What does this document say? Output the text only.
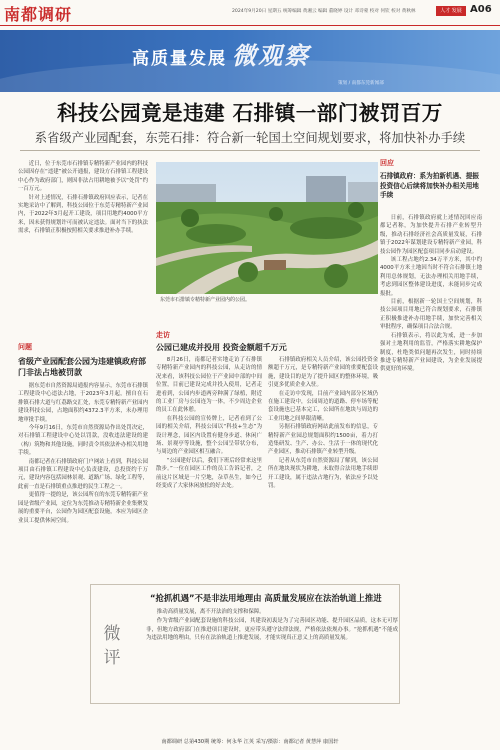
南都调研	2024年9月20日 星期五 统筹编辑 黄湘云 编辑 董晓婷 设计 邓诗蒙 校对 何钦 校对 黄秋林	人才 发展 A06
高质量发展 微观察
策划 / 南都东莞新闻部
科技公园竟是违建 石排镇一部门被罚百万
系省级产业园配套，东莞石排：符合新一轮国土空间规划要求，将加快补办手续

近日，位于东莞市石排镇专精特新产业园内的科技公园因存在“违建”被公开通报，建设方石排镇工程建设中心作为政府部门，则因非法占用耕地被予以“处罚”约一百万元。

针对上述情况，石排石排镇政府回应表示，记者在实地采访中了解到，科技公园位于东莞专精特新产业园内，于2022年3月起开工建设，项目用地约4000平方米，因未获得规划许可而被认定违法。面对当下的执法需求，石排镇正积极按照相关要求推进补办手续。

问题
省级产业园配套公园为违建镇政府部门非法占地被罚款

据东莞市自然资源局通报内容显示，东莞市石排镇工程建设中心违法占地，于2023年3月起，擅自在石排镇石排大道与红荔路交汇处，东莞专精特新产业园内建设科技公园，占地面积约4372.3平方米，未办理用地审批手续。

今年9月16日，东莞市自然资源局作出处罚决定，对石排镇工程建设中心处以罚款，没收违法建设的建（构）筑物和其他设施，同时责令其依法补办相关用地手续。

南都记者在石排镇政府门户网站上看到，科技公园项目由石排镇工程建设中心负责建设，总投资约千万元，建设内容包括园林景观、道路广场、绿化工程等，此前一直是石排镇重点推进的民生工程之一。

更值得一提的是，该公园所在的东莞专精特新产业园是省级产业园，定位为东莞推动专精特新企业集聚发展的重要平台，公园作为园区配套设施，本应为园区企业员工提供休闲空间。

东莞市石排镇专精特新产业园内的公园。
走访
公园已建成并投用 投资金额超千万元

8月26日，南都记者实地走访了石排镇专精特新产业园内的科技公园，从走访的情况来看，该科技公园位于产业园中部的中间位置，目前已建设完成并投入使用，记者走进看到，公园内步道两旁种满了绿植，附近的工业厂房与公园连为一体，不少周边企业的员工在此休憩。

在科技公园的宣传牌上，记者看到了公园的相关介绍，科技公园以“科技+生态”为设计理念，园区内设置有健身步道、休闲广场、景观亭等设施，整个公园呈带状分布，与周边的产业园区相互融合。

“公园建好以后，我们下班后经常来这里散步。”一位在园区工作的员工告诉记者，之前这片区域是一片空地，杂草丛生，如今已经变成了大家休闲放松的好去处。

石排镇政府相关人员介绍，该公园投资金额超千万元，是专精特新产业园的重要配套设施，建设目的是为了提升园区的整体环境，吸引更多优质企业入驻。

在走访中发现，目前产业园内部分区域仍在施工建设中，公园周边的道路、停车场等配套设施也已基本完工，公园所在地块与周边的工业用地之间界限清晰。

另据石排镇政府网站此前发布的信息，专精特新产业园总规划面积约1500亩，着力打造集研发、生产、办公、生活于一体的现代化产业园区，推动石排镇产业转型升级。

记者从东莞市自然资源局了解到，该公园所在地块现状为耕地，未取得合法用地手续即开工建设，属于违法占地行为，依法应予以处罚。

回应
石排镇政府：系为拍新机遇、提振投资信心后续将加快补办相关用地手续

日前，石排镇政府就上述情况回应南都记者称，为加快提升石排产业转型升级，推动石排经济社会高质量发展，石排镇于2022年谋划建设专精特新产业园，科技公园作为园区配套项目同步启动建设。

该工程占地约2.34万平方米，其中约4000平方米土地因当时不符合石排镇土地利用总体规划，无法办理相关用地手续，考虑到园区整体建设进度，未能同步完成报批。

目前，根据新一轮国土空间规划，科技公园项目用地已符合规划要求，石排镇正积极推进补办用地手续，加快完善相关审批程序，确保项目合法合规。

石排镇表示，将以此为戒，进一步加强对土地利用的监管，严格落实耕地保护制度，杜绝类似问题再次发生，同时持续推进专精特新产业园建设，为企业发展提供更好的环境。

微评
“抢抓机遇”不是非法用地理由 高质量发展应在法治轨道上推进

推动高质量发展，离不开法治的支撑和保障。

作为省级产业园配套设施的科技公园，其建设初衷是为了完善园区功能、提升园区品质，这本无可厚非，但地方政府部门在推进项目建设时，更应带头遵守法律法规，严格依法依规办事。“抢抓机遇”不能成为违法用地的理由，只有在法治轨道上推进发展，才能实现真正意义上的高质量发展。

南都调研 总第430期 统筹：何永华 江英 采写/摄影：南都记者 黄慧萍 康国轩
